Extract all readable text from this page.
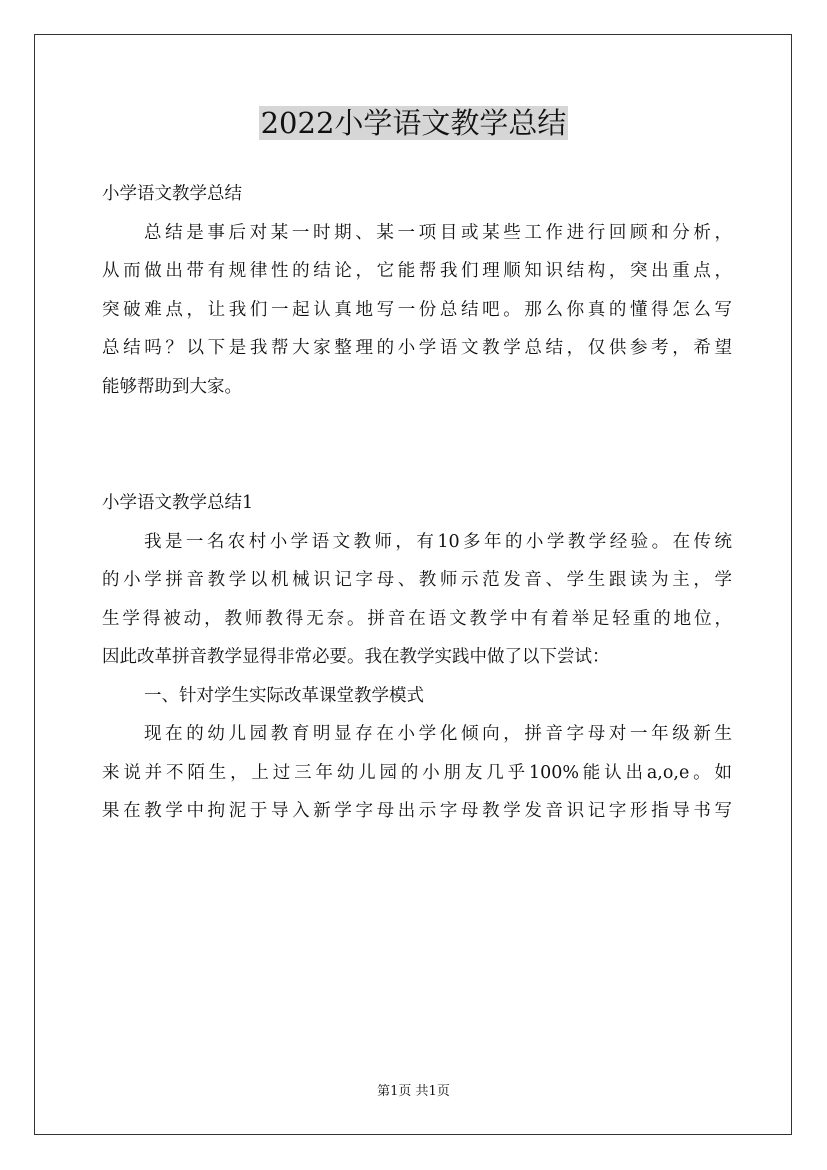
2022小学语文教学总结
小学语文教学总结
总结是事后对某一时期、某一项目或某些工作进行回顾和分析，
从而做出带有规律性的结论，它能帮我们理顺知识结构，突出重点，
突破难点，让我们一起认真地写一份总结吧。那么你真的懂得怎么写
总结吗？以下是我帮大家整理的小学语文教学总结，仅供参考，希望
能够帮助到大家。
小学语文教学总结1
我是一名农村小学语文教师，有10多年的小学教学经验。在传统
的小学拼音教学以机械识记字母、教师示范发音、学生跟读为主，学
生学得被动，教师教得无奈。拼音在语文教学中有着举足轻重的地位，
因此改革拼音教学显得非常必要。我在教学实践中做了以下尝试：
一、针对学生实际改革课堂教学模式
现在的幼儿园教育明显存在小学化倾向，拼音字母对一年级新生
来说并不陌生，上过三年幼儿园的小朋友几乎100%能认出a,o,e。如
果在教学中拘泥于导入新学字母出示字母教学发音识记字形指导书写
第1页 共1页
